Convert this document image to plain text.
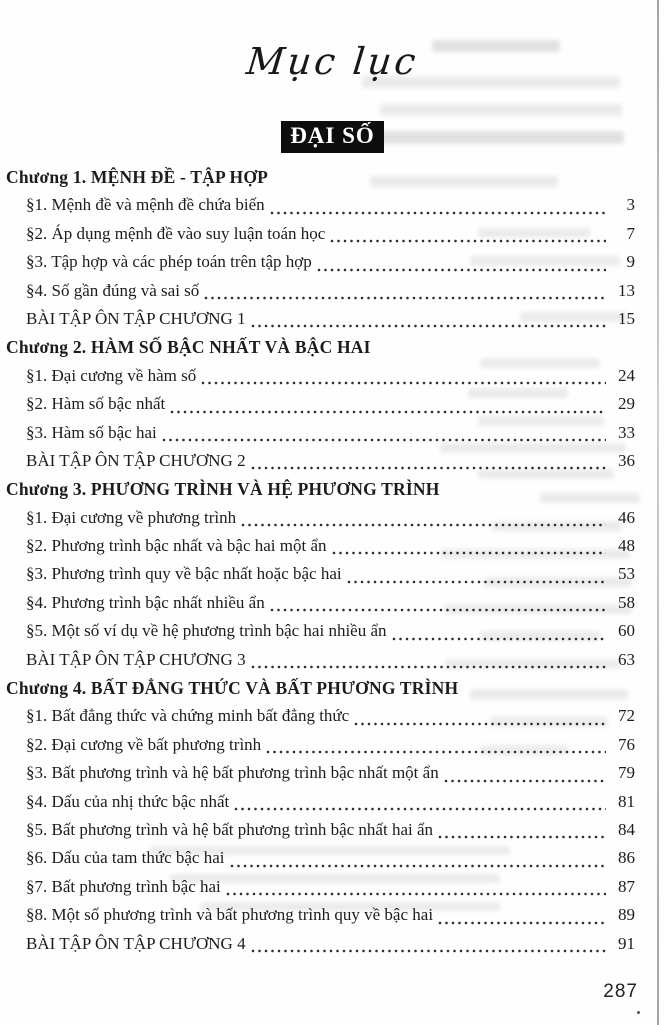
Mục lục
ĐẠI SỐ
Chương 1. MỆNH ĐỀ - TẬP HỢP
§1. Mệnh đề và mệnh đề chứa biến	3
§2. Áp dụng mệnh đề vào suy luận toán học	7
§3. Tập hợp và các phép toán trên tập hợp	9
§4. Số gần đúng và sai số	13
BÀI TẬP ÔN TẬP CHƯƠNG 1	15
Chương 2. HÀM SỐ BẬC NHẤT VÀ BẬC HAI
§1. Đại cương về hàm số	24
§2. Hàm số bậc nhất	29
§3. Hàm số bậc hai	33
BÀI TẬP ÔN TẬP CHƯƠNG 2	36
Chương 3. PHƯƠNG TRÌNH VÀ HỆ PHƯƠNG TRÌNH
§1. Đại cương về phương trình	46
§2. Phương trình bậc nhất và bậc hai một ẩn	48
§3. Phương trình quy về bậc nhất hoặc bậc hai	53
§4. Phương trình bậc nhất nhiều ẩn	58
§5. Một số ví dụ về hệ phương trình bậc hai nhiều ẩn	60
BÀI TẬP ÔN TẬP CHƯƠNG 3	63
Chương 4. BẤT ĐẲNG THỨC VÀ BẤT PHƯƠNG TRÌNH
§1. Bất đẳng thức và chứng minh bất đẳng thức	72
§2. Đại cương về bất phương trình	76
§3. Bất phương trình và hệ bất phương trình bậc nhất một ẩn	79
§4. Dấu của nhị thức bậc nhất	81
§5. Bất phương trình và hệ bất phương trình bậc nhất hai ẩn	84
§6. Dấu của tam thức bậc hai	86
§7. Bất phương trình bậc hai	87
§8. Một số phương trình và bất phương trình quy về bậc hai	89
BÀI TẬP ÔN TẬP CHƯƠNG 4	91
287
